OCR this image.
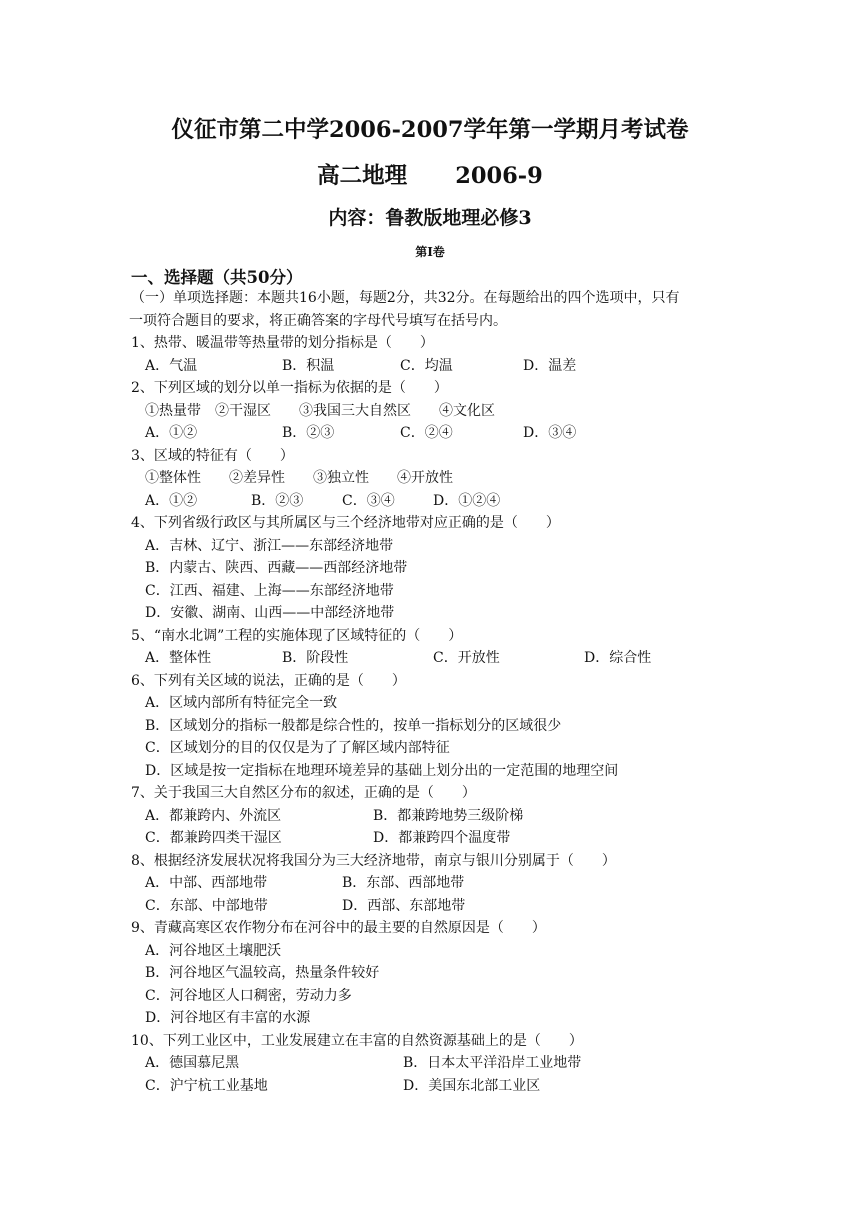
仪征市第二中学2006-2007学年第一学期月考试卷
高二地理 2006-9
内容：鲁教版地理必修3
第Ⅰ卷
一、选择题（共50分）
（一）单项选择题：本题共16小题，每题2分，共32分。在每题给出的四个选项中，只有
一项符合题目的要求，将正确答案的字母代号填写在括号内。
1、热带、暖温带等热量带的划分指标是（　　）
A．气温	B．积温	C．均温	D．温差
2、下列区域的划分以单一指标为依据的是（　　）
①热量带　②干湿区　　③我国三大自然区　　④文化区
A．①②	B．②③	C．②④	D．③④
3、区域的特征有（　　）
①整体性　　②差异性　　③独立性　　④开放性
A．①②	B．②③	C．③④	D．①②④
4、下列省级行政区与其所属区与三个经济地带对应正确的是（　　）
A．吉林、辽宁、浙江——东部经济地带
B．内蒙古、陕西、西藏——西部经济地带
C．江西、福建、上海——东部经济地带
D．安徽、湖南、山西——中部经济地带
5、“南水北调”工程的实施体现了区域特征的（　　）
A．整体性	B．阶段性	C．开放性	D．综合性
6、下列有关区域的说法，正确的是（　　）
A．区域内部所有特征完全一致
B．区域划分的指标一般都是综合性的，按单一指标划分的区域很少
C．区域划分的目的仅仅是为了了解区域内部特征
D．区域是按一定指标在地理环境差异的基础上划分出的一定范围的地理空间
7、关于我国三大自然区分布的叙述，正确的是（　　）
A．都兼跨内、外流区	B．都兼跨地势三级阶梯
C．都兼跨四类干湿区	D．都兼跨四个温度带
8、根据经济发展状况将我国分为三大经济地带，南京与银川分别属于（　　）
A．中部、西部地带	B．东部、西部地带
C．东部、中部地带	D．西部、东部地带
9、青藏高寒区农作物分布在河谷中的最主要的自然原因是（　　）
A．河谷地区土壤肥沃
B．河谷地区气温较高，热量条件较好
C．河谷地区人口稠密，劳动力多
D．河谷地区有丰富的水源
10、下列工业区中，工业发展建立在丰富的自然资源基础上的是（　　）
A．德国慕尼黑	B．日本太平洋沿岸工业地带
C．沪宁杭工业基地	D．美国东北部工业区
